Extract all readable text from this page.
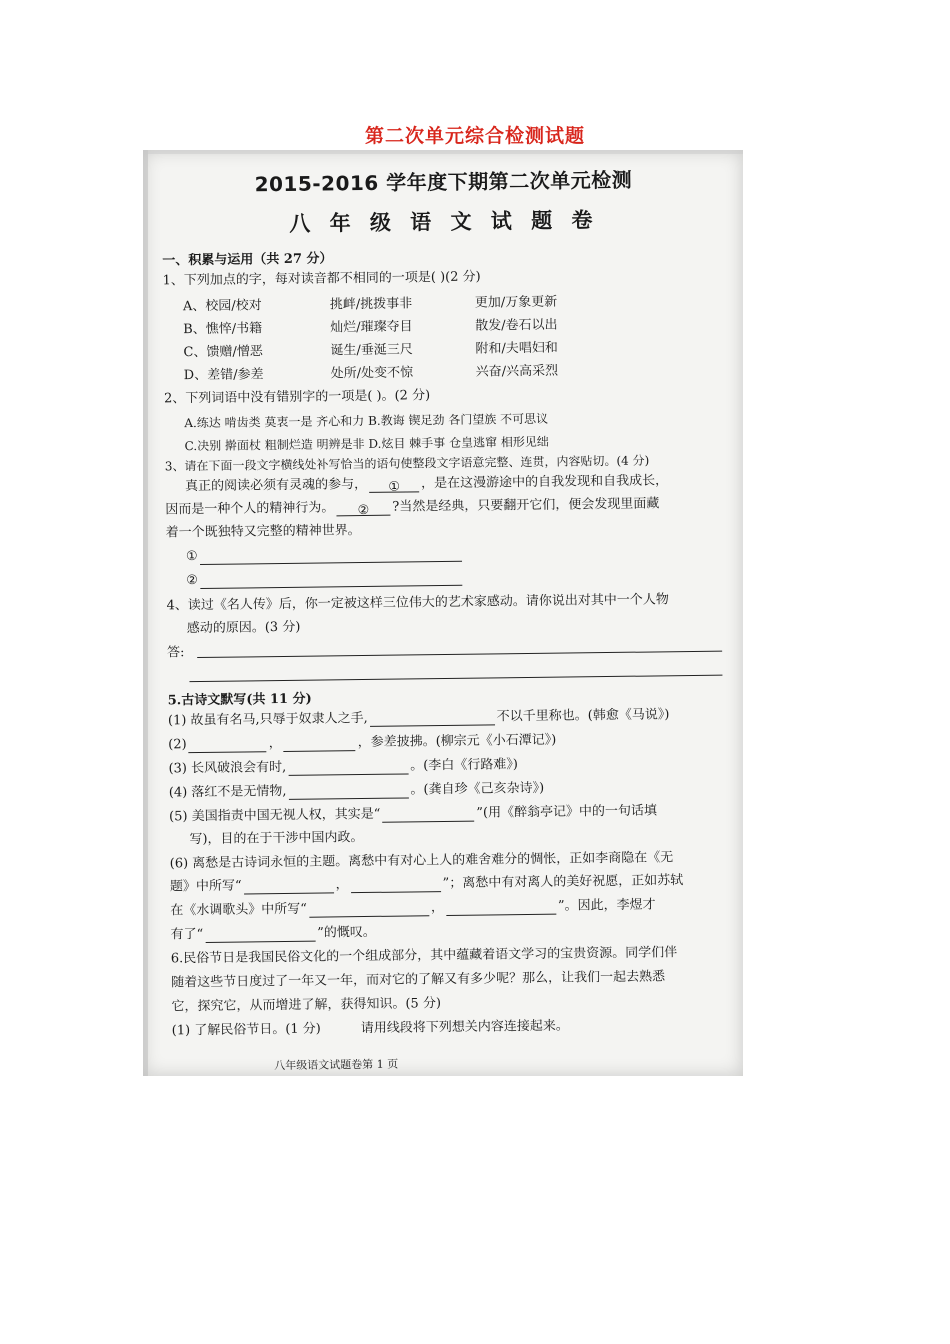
第二次单元综合检测试题
2015-2016 学年度下期第二次单元检测
八 年 级 语 文 试 题 卷
一、积累与运用（共 27 分）
1、下列加点的字，每对读音都不相同的一项是( )(2 分)
A、校园/校对	挑衅/挑拨事非	更加/万象更新
B、憔悴/书籍	灿烂/璀璨夺目	散发/卷石以出
C、馈赠/憎恶	诞生/垂涎三尺	附和/夫唱妇和
D、差错/参差	处所/处变不惊	兴奋/兴高采烈
2、下列词语中没有错别字的一项是( )。(2 分)
A.练达 啃齿类 莫衷一是 齐心和力 B.教诲 锲足劲 各门望族 不可思议
C.决别 擀面杖 粗制烂造 明辨是非 D.炫目 棘手事 仓皇逃窜 相形见绌
3、请在下面一段文字横线处补写恰当的语句使整段文字语意完整、连贯，内容贴切。(4 分)
真正的阅读必须有灵魂的参与， ① ，是在这漫游途中的自我发现和自我成长，
因而是一种个人的精神行为。 ② ?当然是经典，只要翻开它们，便会发现里面藏
着一个既独特又完整的精神世界。
①
②
4、读过《名人传》后，你一定被这样三位伟大的艺术家感动。请你说出对其中一个人物
感动的原因。(3 分)
答:
5.古诗文默写(共 11 分)
(1) 故虽有名马,只辱于奴隶人之手,	不以千里称也。(韩愈《马说》)
(2)	，	，参差披拂。(柳宗元《小石潭记》)
(3) 长风破浪会有时,	。(李白《行路难》)
(4) 落红不是无情物,	。(龚自珍《己亥杂诗》)
(5) 美国指责中国无视人权，其实是“	”(用《醉翁亭记》中的一句话填
写)，目的在于干涉中国内政。
(6) 离愁是古诗词永恒的主题。离愁中有对心上人的难舍难分的惆怅，正如李商隐在《无
题》中所写“	，	”；离愁中有对离人的美好祝愿，正如苏轼
在《水调歌头》中所写“	，	”。因此，李煜才
有了“	”的慨叹。
6.民俗节日是我国民俗文化的一个组成部分，其中蕴藏着语文学习的宝贵资源。同学们伴
随着这些节日度过了一年又一年，而对它的了解又有多少呢？那么，让我们一起去熟悉
它，探究它，从而增进了解，获得知识。(5 分)
(1) 了解民俗节日。(1 分)	请用线段将下列想关内容连接起来。
八年级语文试题卷第 1 页
